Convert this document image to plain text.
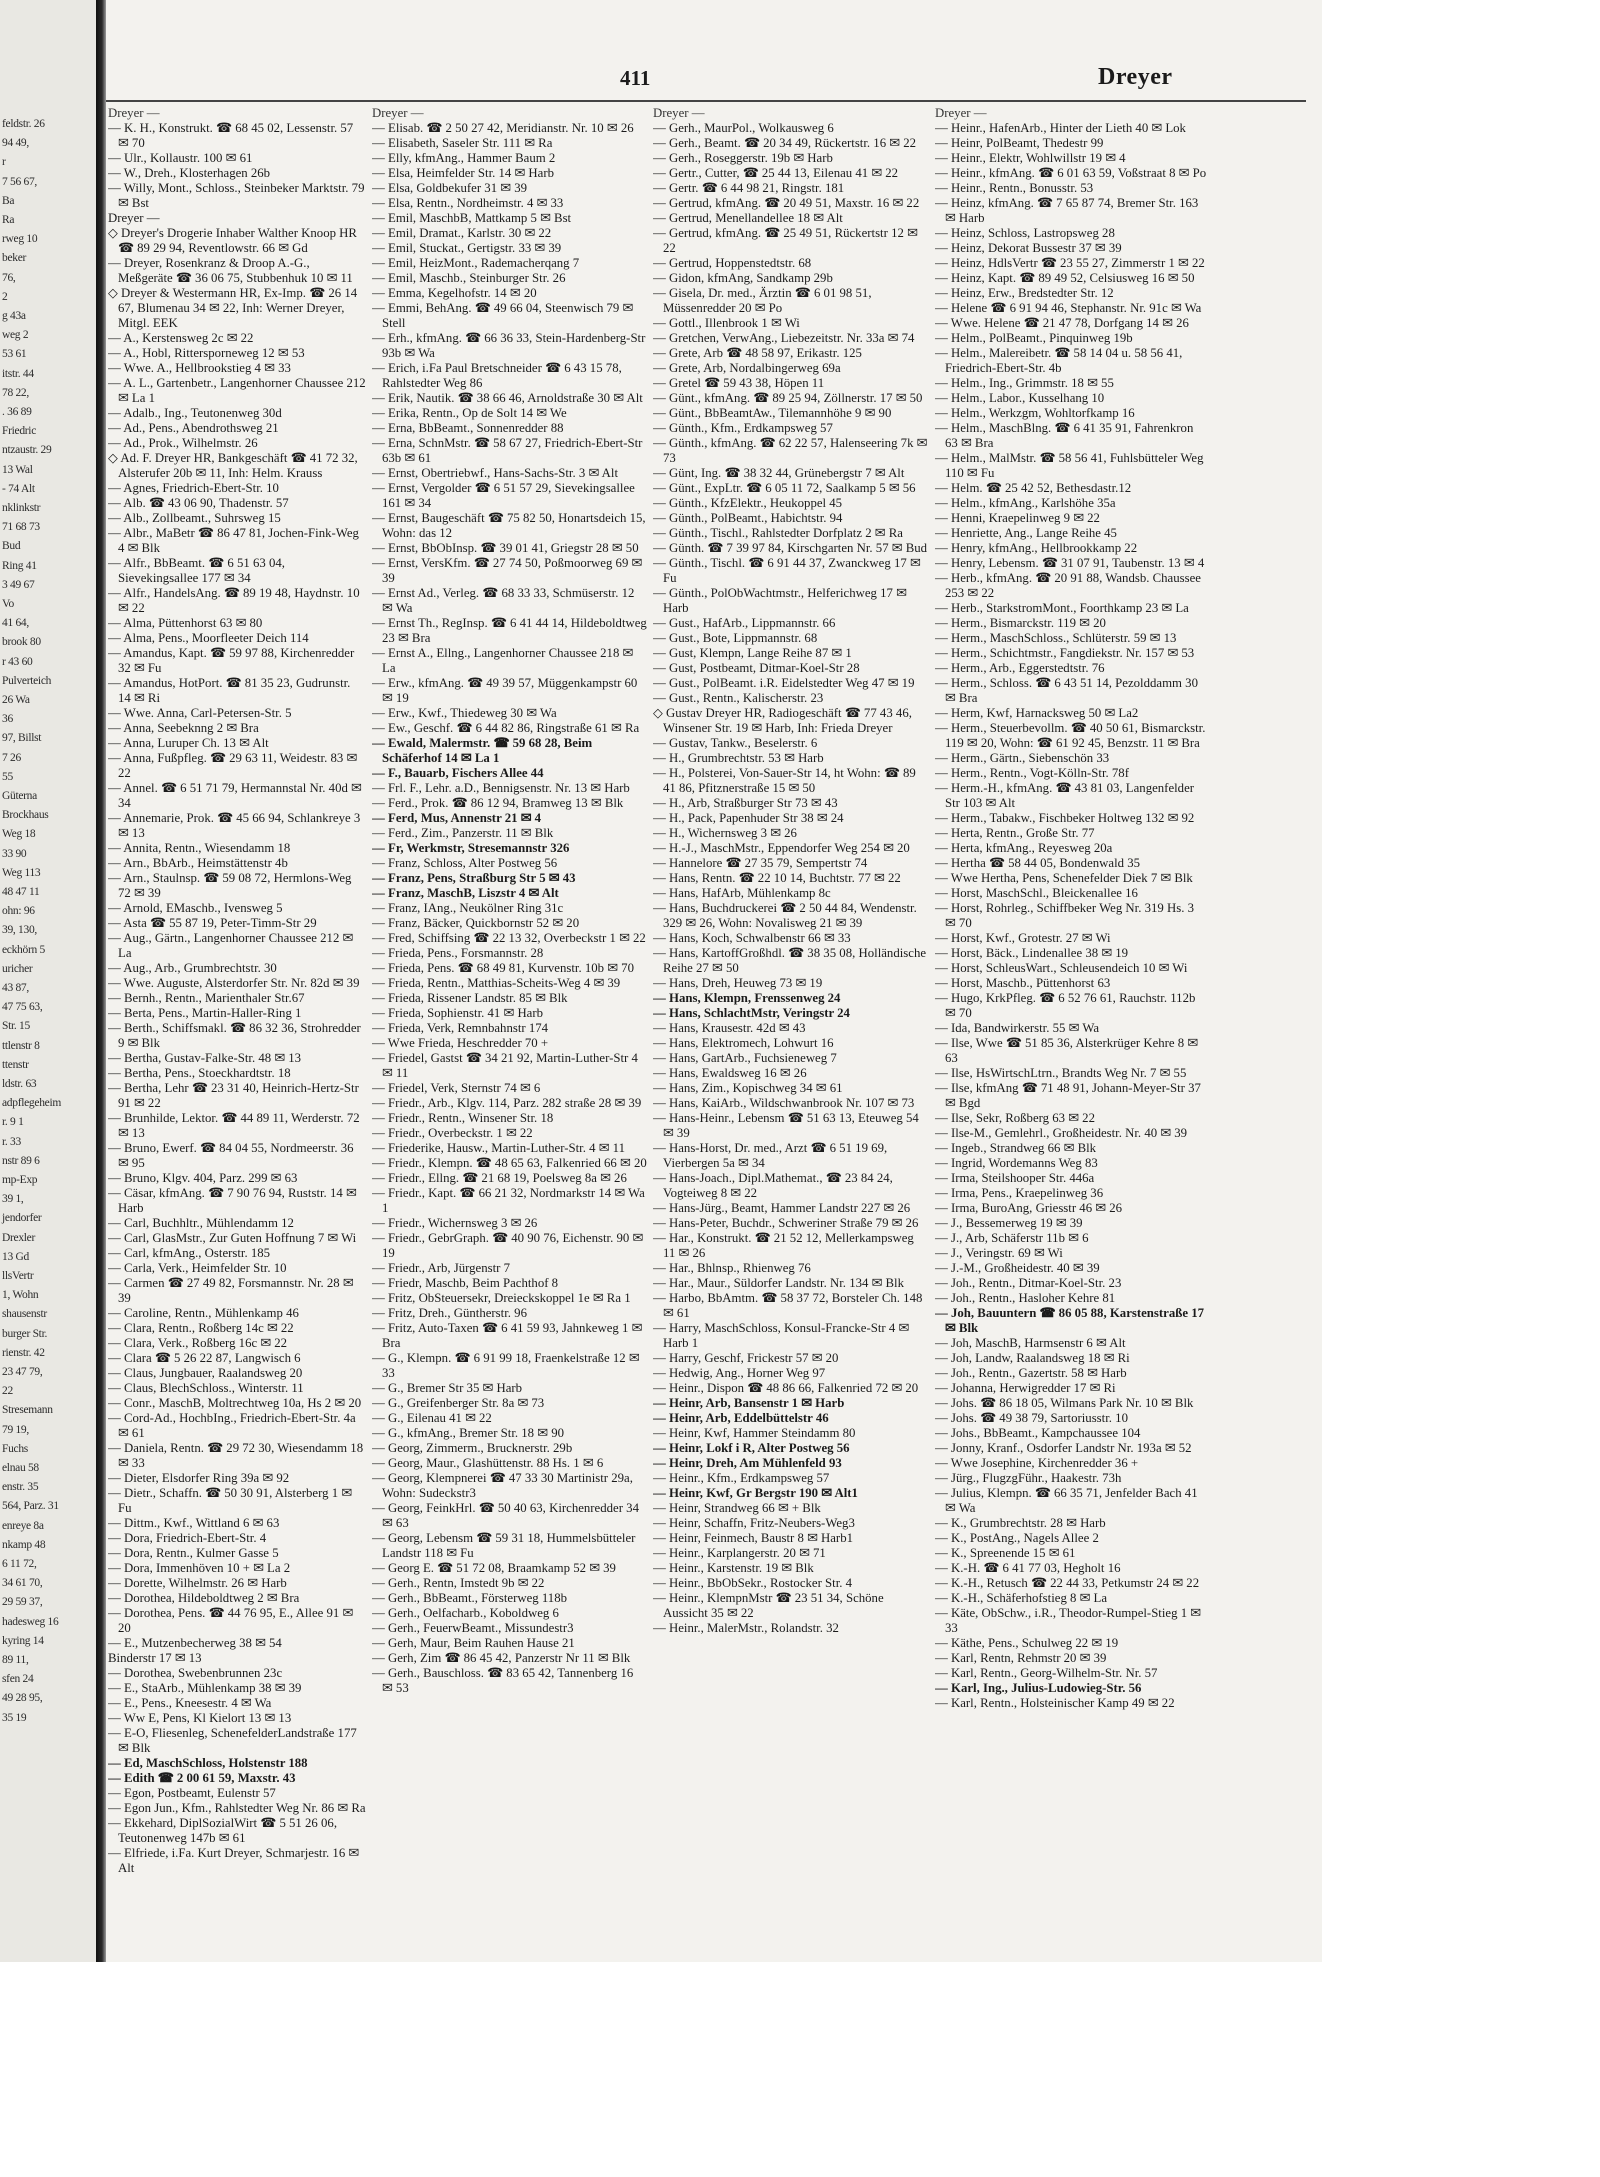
feldstr. 26
94 49,
r
7 56 67,
Ba
Ra
rweg 10
beker
76,
2
g 43a
weg 2
53 61
itstr. 44
78 22,
. 36 89
Friedric
ntzaustr. 29
13 Wal
- 74 Alt
nklinkstr
71 68 73
Bud
Ring 41
3 49 67
Vo
41 64,
brook 80
r 43 60
Pulverteich
26 Wa
36
97, Billst
7 26
55
Güterna
Brockhaus
Weg 18
33 90
Weg 113
48 47 11
ohn: 96
39, 130,
eckhörn 5
uricher
43 87,
47 75 63,
Str. 15
ttlenstr 8
ttenstr
ldstr. 63
adpflegeheim
r. 9 1
r. 33
nstr 89 6
mp-Exp
39 1,
jendorfer
Drexler
13 Gd
llsVertr
1, Wohn
shausenstr
burger Str.
rienstr. 42
23 47 79,
22
Stresemann
79 19,
Fuchs
elnau 58
enstr. 35
564, Parz. 31
enreye 8a
nkamp 48
6 11 72,
34 61 70,
29 59 37,
hadesweg 16
kyring 14
89 11,
sfen 24
49 28 95,
35 19
411	Dreyer
Dreyer —
— K. H., Konstrukt. ☎ 68 45 02, Lessenstr. 57 ✉ 70
— Ulr., Kollaustr. 100 ✉ 61
— W., Dreh., Klosterhagen 26b
— Willy, Mont., Schloss., Steinbeker Marktstr. 79 ✉ Bst
Dreyer —
◇ Dreyer's Drogerie Inhaber Walther Knoop HR ☎ 89 29 94, Reventlowstr. 66 ✉ Gd
— Dreyer, Rosenkranz & Droop A.-G., Meßgeräte ☎ 36 06 75, Stubbenhuk 10 ✉ 11
◇ Dreyer & Westermann HR, Ex-Imp. ☎ 26 14 67, Blumenau 34 ✉ 22, Inh: Werner Dreyer, Mitgl. EEK
— A., Kerstensweg 2c ✉ 22
— A., Hobl, Rittersporneweg 12 ✉ 53
— Wwe. A., Hellbrookstieg 4 ✉ 33
— A. L., Gartenbetr., Langenhorner Chaussee 212 ✉ La 1
— Adalb., Ing., Teutonenweg 30d
— Ad., Pens., Abendrothsweg 21
— Ad., Prok., Wilhelmstr. 26
◇ Ad. F. Dreyer HR, Bankgeschäft ☎ 41 72 32, Alsterufer 20b ✉ 11, Inh: Helm. Krauss
— Agnes, Friedrich-Ebert-Str. 10
— Alb. ☎ 43 06 90, Thadenstr. 57
— Alb., Zollbeamt., Suhrsweg 15
— Albr., MaBetr ☎ 86 47 81, Jochen-Fink-Weg 4 ✉ Blk
— Alfr., BbBeamt. ☎ 6 51 63 04, Sievekingsallee 177 ✉ 34
— Alfr., HandelsAng. ☎ 89 19 48, Haydnstr. 10 ✉ 22
— Alma, Püttenhorst 63 ✉ 80
— Alma, Pens., Moorfleeter Deich 114
— Amandus, Kapt. ☎ 59 97 88, Kirchenredder 32 ✉ Fu
— Amandus, HotPort. ☎ 81 35 23, Gudrunstr. 14 ✉ Ri
— Wwe. Anna, Carl-Petersen-Str. 5
— Anna, Seebeknng 2 ✉ Bra
— Anna, Luruper Ch. 13 ✉ Alt
— Anna, Fußpfleg. ☎ 29 63 11, Weidestr. 83 ✉ 22
— Annel. ☎ 6 51 71 79, Hermannstal Nr. 40d ✉ 34
— Annemarie, Prok. ☎ 45 66 94, Schlankreye 3 ✉ 13
— Annita, Rentn., Wiesendamm 18
— Arn., BbArb., Heimstättenstr 4b
— Arn., Staulnsp. ☎ 59 08 72, Hermlons-Weg 72 ✉ 39
— Arnold, EMaschb., Ivensweg 5
— Asta ☎ 55 87 19, Peter-Timm-Str 29
— Aug., Gärtn., Langenhorner Chaussee 212 ✉ La
— Aug., Arb., Grumbrechtstr. 30
— Wwe. Auguste, Alsterdorfer Str. Nr. 82d ✉ 39
— Bernh., Rentn., Marienthaler Str.67
— Berta, Pens., Martin-Haller-Ring 1
— Berth., Schiffsmakl. ☎ 86 32 36, Strohredder 9 ✉ Blk
— Bertha, Gustav-Falke-Str. 48 ✉ 13
— Bertha, Pens., Stoeckhardtstr. 18
— Bertha, Lehr ☎ 23 31 40, Heinrich-Hertz-Str 91 ✉ 22
— Brunhilde, Lektor. ☎ 44 89 11, Werderstr. 72 ✉ 13
— Bruno, Ewerf. ☎ 84 04 55, Nordmeerstr. 36 ✉ 95
— Bruno, Klgv. 404, Parz. 299 ✉ 63
— Cäsar, kfmAng. ☎ 7 90 76 94, Ruststr. 14 ✉ Harb
— Carl, Buchhltr., Mühlendamm 12
— Carl, GlasMstr., Zur Guten Hoffnung 7 ✉ Wi
— Carl, kfmAng., Osterstr. 185
— Carla, Verk., Heimfelder Str. 10
— Carmen ☎ 27 49 82, Forsmannstr. Nr. 28 ✉ 39
— Caroline, Rentn., Mühlenkamp 46
— Clara, Rentn., Roßberg 14c ✉ 22
— Clara, Verk., Roßberg 16c ✉ 22
— Clara ☎ 5 26 22 87, Langwisch 6
— Claus, Jungbauer, Raalandsweg 20
— Claus, BlechSchloss., Winterstr. 11
— Conr., MaschB, Moltrechtweg 10a, Hs 2 ✉ 20
— Cord-Ad., HochbIng., Friedrich-Ebert-Str. 4a ✉ 61
— Daniela, Rentn. ☎ 29 72 30, Wiesendamm 18 ✉ 33
— Dieter, Elsdorfer Ring 39a ✉ 92
— Dietr., Schaffn. ☎ 50 30 91, Alsterberg 1 ✉ Fu
— Dittm., Kwf., Wittland 6 ✉ 63
— Dora, Friedrich-Ebert-Str. 4
— Dora, Rentn., Kulmer Gasse 5
— Dora, Immenhöven 10 + ✉ La 2
— Dorette, Wilhelmstr. 26 ✉ Harb
— Dorothea, Hildeboldtweg 2 ✉ Bra
— Dorothea, Pens. ☎ 44 76 95, E., Allee 91 ✉ 20
— E., Mutzenbecherweg 38 ✉ 54
Binderstr 17 ✉ 13
— Dorothea, Swebenbrunnen 23c
— E., StaArb., Mühlenkamp 38 ✉ 39
— E., Pens., Kneesestr. 4 ✉ Wa
— Ww E, Pens, Kl Kielort 13 ✉ 13
— E-O, Fliesenleg, SchenefelderLandstraße 177 ✉ Blk
— Ed, MaschSchloss, Holstenstr 188
— Edith ☎ 2 00 61 59, Maxstr. 43
— Egon, Postbeamt, Eulenstr 57
— Egon Jun., Kfm., Rahlstedter Weg Nr. 86 ✉ Ra
— Ekkehard, DiplSozialWirt ☎ 5 51 26 06, Teutonenweg 147b ✉ 61
— Elfriede, i.Fa. Kurt Dreyer, Schmarjestr. 16 ✉ Alt
Dreyer —
— Elisab. ☎ 2 50 27 42, Meridianstr. Nr. 10 ✉ 26
— Elisabeth, Saseler Str. 111 ✉ Ra
— Elly, kfmAng., Hammer Baum 2
— Elsa, Heimfelder Str. 14 ✉ Harb
— Elsa, Goldbekufer 31 ✉ 39
— Elsa, Rentn., Nordheimstr. 4 ✉ 33
— Emil, MaschbB, Mattkamp 5 ✉ Bst
— Emil, Dramat., Karlstr. 30 ✉ 22
— Emil, Stuckat., Gertigstr. 33 ✉ 39
— Emil, HeizMont., Rademacherqang 7
— Emil, Maschb., Steinburger Str. 26
— Emma, Kegelhofstr. 14 ✉ 20
— Emmi, BehAng. ☎ 49 66 04, Steenwisch 79 ✉ Stell
— Erh., kfmAng. ☎ 66 36 33, Stein-Hardenberg-Str 93b ✉ Wa
— Erich, i.Fa Paul Bretschneider ☎ 6 43 15 78, Rahlstedter Weg 86
— Erik, Nautik. ☎ 38 66 46, Arnoldstraße 30 ✉ Alt
— Erika, Rentn., Op de Solt 14 ✉ We
— Erna, BbBeamt., Sonnenredder 88
— Erna, SchnMstr. ☎ 58 67 27, Friedrich-Ebert-Str 63b ✉ 61
— Ernst, Obertriebwf., Hans-Sachs-Str. 3 ✉ Alt
— Ernst, Vergolder ☎ 6 51 57 29, Sievekingsallee 161 ✉ 34
— Ernst, Baugeschäft ☎ 75 82 50, Honartsdeich 15, Wohn: das 12
— Ernst, BbObInsp. ☎ 39 01 41, Griegstr 28 ✉ 50
— Ernst, VersKfm. ☎ 27 74 50, Poßmoorweg 69 ✉ 39
— Ernst Ad., Verleg. ☎ 68 33 33, Schmüserstr. 12 ✉ Wa
— Ernst Th., RegInsp. ☎ 6 41 44 14, Hildeboldtweg 23 ✉ Bra
— Ernst A., Ellng., Langenhorner Chaussee 218 ✉ La
— Erw., kfmAng. ☎ 49 39 57, Müggenkampstr 60 ✉ 19
— Erw., Kwf., Thiedeweg 30 ✉ Wa
— Ew., Geschf. ☎ 6 44 82 86, Ringstraße 61 ✉ Ra
— Ewald, Malermstr. ☎ 59 68 28, Beim Schäferhof 14 ✉ La 1
— F., Bauarb, Fischers Allee 44
— Frl. F., Lehr. a.D., Bennigsenstr. Nr. 13 ✉ Harb
— Ferd., Prok. ☎ 86 12 94, Bramweg 13 ✉ Blk
— Ferd, Mus, Annenstr 21 ✉ 4
— Ferd., Zim., Panzerstr. 11 ✉ Blk
— Fr, Werkmstr, Stresemannstr 326
— Franz, Schloss, Alter Postweg 56
— Franz, Pens, Straßburg Str 5 ✉ 43
— Franz, MaschB, Liszstr 4 ✉ Alt
— Franz, IAng., Neukölner Ring 31c
— Franz, Bäcker, Quickbornstr 52 ✉ 20
— Fred, Schiffsing ☎ 22 13 32, Overbeckstr 1 ✉ 22
— Frieda, Pens., Forsmannstr. 28
— Frieda, Pens. ☎ 68 49 81, Kurvenstr. 10b ✉ 70
— Frieda, Rentn., Matthias-Scheits-Weg 4 ✉ 39
— Frieda, Rissener Landstr. 85 ✉ Blk
— Frieda, Sophienstr. 41 ✉ Harb
— Frieda, Verk, Remnbahnstr 174
— Wwe Frieda, Heschredder 70 +
— Friedel, Gastst ☎ 34 21 92, Martin-Luther-Str 4 ✉ 11
— Friedel, Verk, Sternstr 74 ✉ 6
— Friedr., Arb., Klgv. 114, Parz. 282 straße 28 ✉ 39
— Friedr., Rentn., Winsener Str. 18
— Friedr., Overbeckstr. 1 ✉ 22
— Friederike, Hausw., Martin-Luther-Str. 4 ✉ 11
— Friedr., Klempn. ☎ 48 65 63, Falkenried 66 ✉ 20
— Friedr., Ellng. ☎ 21 68 19, Poelsweg 8a ✉ 26
— Friedr., Kapt. ☎ 66 21 32, Nordmarkstr 14 ✉ Wa 1
— Friedr., Wichernsweg 3 ✉ 26
— Friedr., GebrGraph. ☎ 40 90 76, Eichenstr. 90 ✉ 19
— Friedr., Arb, Jürgenstr 7
— Friedr, Maschb, Beim Pachthof 8
— Fritz, ObSteuersekr, Dreieckskoppel 1e ✉ Ra 1
— Fritz, Dreh., Güntherstr. 96
— Fritz, Auto-Taxen ☎ 6 41 59 93, Jahnkeweg 1 ✉ Bra
— G., Klempn. ☎ 6 91 99 18, Fraenkelstraße 12 ✉ 33
— G., Bremer Str 35 ✉ Harb
— G., Greifenberger Str. 8a ✉ 73
— G., Eilenau 41 ✉ 22
— G., kfmAng., Bremer Str. 18 ✉ 90
— Georg, Zimmerm., Brucknerstr. 29b
— Georg, Maur., Glashüttenstr. 88 Hs. 1 ✉ 6
— Georg, Klempnerei ☎ 47 33 30 Martinistr 29a, Wohn: Sudeckstr3
— Georg, FeinkHrl. ☎ 50 40 63, Kirchenredder 34 ✉ 63
— Georg, Lebensm ☎ 59 31 18, Hummelsbütteler Landstr 118 ✉ Fu
— Georg E. ☎ 51 72 08, Braamkamp 52 ✉ 39
— Gerh., Rentn, Imstedt 9b ✉ 22
— Gerh., BbBeamt., Försterweg 118b
— Gerh., Oelfacharb., Koboldweg 6
— Gerh., FeuerwBeamt., Missundestr3
— Gerh, Maur, Beim Rauhen Hause 21
— Gerh, Zim ☎ 86 45 42, Panzerstr Nr 11 ✉ Blk
— Gerh., Bauschloss. ☎ 83 65 42, Tannenberg 16 ✉ 53
Dreyer —
— Gerh., MaurPol., Wolkausweg 6
— Gerh., Beamt. ☎ 20 34 49, Rückertstr. 16 ✉ 22
— Gerh., Roseggerstr. 19b ✉ Harb
— Gertr., Cutter, ☎ 25 44 13, Eilenau 41 ✉ 22
— Gertr. ☎ 6 44 98 21, Ringstr. 181
— Gertrud, kfmAng. ☎ 20 49 51, Maxstr. 16 ✉ 22
— Gertrud, Menellandellee 18 ✉ Alt
— Gertrud, kfmAng. ☎ 25 49 51, Rückertstr 12 ✉ 22
— Gertrud, Hoppenstedtstr. 68
— Gidon, kfmAng, Sandkamp 29b
— Gisela, Dr. med., Ärztin ☎ 6 01 98 51, Müssenredder 20 ✉ Po
— Gottl., Illenbrook 1 ✉ Wi
— Gretchen, VerwAng., Liebezeitstr. Nr. 33a ✉ 74
— Grete, Arb ☎ 48 58 97, Erikastr. 125
— Grete, Arb, Nordalbingerweg 69a
— Gretel ☎ 59 43 38, Höpen 11
— Günt., kfmAng. ☎ 89 25 94, Zöllnerstr. 17 ✉ 50
— Günt., BbBeamtAw., Tilemannhöhe 9 ✉ 90
— Günth., Kfm., Erdkampsweg 57
— Günth., kfmAng. ☎ 62 22 57, Halenseering 7k ✉ 73
— Günt, Ing. ☎ 38 32 44, Grünebergstr 7 ✉ Alt
— Günt., ExpLtr. ☎ 6 05 11 72, Saalkamp 5 ✉ 56
— Günth., KfzElektr., Heukoppel 45
— Günth., PolBeamt., Habichtstr. 94
— Günth., Tischl., Rahlstedter Dorfplatz 2 ✉ Ra
— Günth. ☎ 7 39 97 84, Kirschgarten Nr. 57 ✉ Bud
— Günth., Tischl. ☎ 6 91 44 37, Zwanckweg 17 ✉ Fu
— Günth., PolObWachtmstr., Helferichweg 17 ✉ Harb
— Gust., HafArb., Lippmannstr. 66
— Gust., Bote, Lippmannstr. 68
— Gust, Klempn, Lange Reihe 87 ✉ 1
— Gust, Postbeamt, Ditmar-Koel-Str 28
— Gust., PolBeamt. i.R. Eidelstedter Weg 47 ✉ 19
— Gust., Rentn., Kalischerstr. 23
◇ Gustav Dreyer HR, Radiogeschäft ☎ 77 43 46, Winsener Str. 19 ✉ Harb, Inh: Frieda Dreyer
— Gustav, Tankw., Beselerstr. 6
— H., Grumbrechtstr. 53 ✉ Harb
— H., Polsterei, Von-Sauer-Str 14, ht Wohn: ☎ 89 41 86, Pfitznerstraße 15 ✉ 50
— H., Arb, Straßburger Str 73 ✉ 43
— H., Pack, Papenhuder Str 38 ✉ 24
— H., Wichernsweg 3 ✉ 26
— H.-J., MaschMstr., Eppendorfer Weg 254 ✉ 20
— Hannelore ☎ 27 35 79, Sempertstr 74
— Hans, Rentn. ☎ 22 10 14, Buchtstr. 77 ✉ 22
— Hans, HafArb, Mühlenkamp 8c
— Hans, Buchdruckerei ☎ 2 50 44 84, Wendenstr. 329 ✉ 26, Wohn: Novalisweg 21 ✉ 39
— Hans, Koch, Schwalbenstr 66 ✉ 33
— Hans, KartoffGroßhdl. ☎ 38 35 08, Holländische Reihe 27 ✉ 50
— Hans, Dreh, Heuweg 73 ✉ 19
— Hans, Klempn, Frenssenweg 24
— Hans, SchlachtMstr, Veringstr 24
— Hans, Krausestr. 42d ✉ 43
— Hans, Elektromech, Lohwurt 16
— Hans, GartArb., Fuchsieneweg 7
— Hans, Ewaldsweg 16 ✉ 26
— Hans, Zim., Kopischweg 34 ✉ 61
— Hans, KaiArb., Wildschwanbrook Nr. 107 ✉ 73
— Hans-Heinr., Lebensm ☎ 51 63 13, Eteuweg 54 ✉ 39
— Hans-Horst, Dr. med., Arzt ☎ 6 51 19 69, Vierbergen 5a ✉ 34
— Hans-Joach., Dipl.Mathemat., ☎ 23 84 24, Vogteiweg 8 ✉ 22
— Hans-Jürg., Beamt, Hammer Landstr 227 ✉ 26
— Hans-Peter, Buchdr., Schweriner Straße 79 ✉ 26
— Har., Konstrukt. ☎ 21 52 12, Mellerkampsweg 11 ✉ 26
— Har., Bhlnsp., Rhienweg 76
— Har., Maur., Süldorfer Landstr. Nr. 134 ✉ Blk
— Harbo, BbAmtm. ☎ 58 37 72, Borsteler Ch. 148 ✉ 61
— Harry, MaschSchloss, Konsul-Francke-Str 4 ✉ Harb 1
— Harry, Geschf, Frickestr 57 ✉ 20
— Hedwig, Ang., Horner Weg 97
— Heinr., Dispon ☎ 48 86 66, Falkenried 72 ✉ 20
— Heinr, Arb, Bansenstr 1 ✉ Harb
— Heinr, Arb, Eddelbüttelstr 46
— Heinr, Kwf, Hammer Steindamm 80
— Heinr, Lokf i R, Alter Postweg 56
— Heinr, Dreh, Am Mühlenfeld 93
— Heinr., Kfm., Erdkampsweg 57
— Heinr, Kwf, Gr Bergstr 190 ✉ Alt1
— Heinr, Strandweg 66 ✉ + Blk
— Heinr, Schaffn, Fritz-Neubers-Weg3
— Heinr, Feinmech, Baustr 8 ✉ Harb1
— Heinr., Karplangerstr. 20 ✉ 71
— Heinr., Karstenstr. 19 ✉ Blk
— Heinr., BbObSekr., Rostocker Str. 4
— Heinr., KlempnMstr ☎ 23 51 34, Schöne Aussicht 35 ✉ 22
— Heinr., MalerMstr., Rolandstr. 32
Dreyer —
— Heinr., HafenArb., Hinter der Lieth 40 ✉ Lok
— Heinr, PolBeamt, Thedestr 99
— Heinr., Elektr, Wohlwillstr 19 ✉ 4
— Heinr., kfmAng. ☎ 6 01 63 59, Voßstraat 8 ✉ Po
— Heinr., Rentn., Bonusstr. 53
— Heinz, kfmAng. ☎ 7 65 87 74, Bremer Str. 163 ✉ Harb
— Heinz, Schloss, Lastropsweg 28
— Heinz, Dekorat Bussestr 37 ✉ 39
— Heinz, HdlsVertr ☎ 23 55 27, Zimmerstr 1 ✉ 22
— Heinz, Kapt. ☎ 89 49 52, Celsiusweg 16 ✉ 50
— Heinz, Erw., Bredstedter Str. 12
— Helene ☎ 6 91 94 46, Stephanstr. Nr. 91c ✉ Wa
— Wwe. Helene ☎ 21 47 78, Dorfgang 14 ✉ 26
— Helm., PolBeamt., Pinquinweg 19b
— Helm., Malereibetr. ☎ 58 14 04 u. 58 56 41, Friedrich-Ebert-Str. 4b
— Helm., Ing., Grimmstr. 18 ✉ 55
— Helm., Labor., Kusselhang 10
— Helm., Werkzgm, Wohltorfkamp 16
— Helm., MaschBlng. ☎ 6 41 35 91, Fahrenkron 63 ✉ Bra
— Helm., MalMstr. ☎ 58 56 41, Fuhlsbütteler Weg 110 ✉ Fu
— Helm. ☎ 25 42 52, Bethesdastr.12
— Helm., kfmAng., Karlshöhe 35a
— Henni, Kraepelinweg 9 ✉ 22
— Henriette, Ang., Lange Reihe 45
— Henry, kfmAng., Hellbrookkamp 22
— Henry, Lebensm. ☎ 31 07 91, Taubenstr. 13 ✉ 4
— Herb., kfmAng. ☎ 20 91 88, Wandsb. Chaussee 253 ✉ 22
— Herb., StarkstromMont., Foorthkamp 23 ✉ La
— Herm., Bismarckstr. 119 ✉ 20
— Herm., MaschSchloss., Schlüterstr. 59 ✉ 13
— Herm., Schichtmstr., Fangdiekstr. Nr. 157 ✉ 53
— Herm., Arb., Eggerstedtstr. 76
— Herm., Schloss. ☎ 6 43 51 14, Pezolddamm 30 ✉ Bra
— Herm, Kwf, Harnacksweg 50 ✉ La2
— Herm., Steuerbevollm. ☎ 40 50 61, Bismarckstr. 119 ✉ 20, Wohn: ☎ 61 92 45, Benzstr. 11 ✉ Bra
— Herm., Gärtn., Siebenschön 33
— Herm., Rentn., Vogt-Kölln-Str. 78f
— Herm.-H., kfmAng. ☎ 43 81 03, Langenfelder Str 103 ✉ Alt
— Herm., Tabakw., Fischbeker Holtweg 132 ✉ 92
— Herta, Rentn., Große Str. 77
— Herta, kfmAng., Reyesweg 20a
— Hertha ☎ 58 44 05, Bondenwald 35
— Wwe Hertha, Pens, Schenefelder Diek 7 ✉ Blk
— Horst, MaschSchl., Bleickenallee 16
— Horst, Rohrleg., Schiffbeker Weg Nr. 319 Hs. 3 ✉ 70
— Horst, Kwf., Grotestr. 27 ✉ Wi
— Horst, Bäck., Lindenallee 38 ✉ 19
— Horst, SchleusWart., Schleusendeich 10 ✉ Wi
— Horst, Maschb., Püttenhorst 63
— Hugo, KrkPfleg. ☎ 6 52 76 61, Rauchstr. 112b ✉ 70
— Ida, Bandwirkerstr. 55 ✉ Wa
— Ilse, Wwe ☎ 51 85 36, Alsterkrüger Kehre 8 ✉ 63
— Ilse, HsWirtschLtrn., Brandts Weg Nr. 7 ✉ 55
— Ilse, kfmAng ☎ 71 48 91, Johann-Meyer-Str 37 ✉ Bgd
— Ilse, Sekr, Roßberg 63 ✉ 22
— Ilse-M., Gemlehrl., Großheidestr. Nr. 40 ✉ 39
— Ingeb., Strandweg 66 ✉ Blk
— Ingrid, Wordemanns Weg 83
— Irma, Steilshooper Str. 446a
— Irma, Pens., Kraepelinweg 36
— Irma, BuroAng, Griesstr 46 ✉ 26
— J., Bessemerweg 19 ✉ 39
— J., Arb, Schäferstr 11b ✉ 6
— J., Veringstr. 69 ✉ Wi
— J.-M., Großheidestr. 40 ✉ 39
— Joh., Rentn., Ditmar-Koel-Str. 23
— Joh., Rentn., Hasloher Kehre 81
— Joh, Bauuntern ☎ 86 05 88, Karstenstraße 17 ✉ Blk
— Joh, MaschB, Harmsenstr 6 ✉ Alt
— Joh, Landw, Raalandsweg 18 ✉ Ri
— Joh., Rentn., Gazertstr. 58 ✉ Harb
— Johanna, Herwigredder 17 ✉ Ri
— Johs. ☎ 86 18 05, Wilmans Park Nr. 10 ✉ Blk
— Johs. ☎ 49 38 79, Sartoriusstr. 10
— Johs., BbBeamt., Kampchaussee 104
— Jonny, Kranf., Osdorfer Landstr Nr. 193a ✉ 52
— Wwe Josephine, Kirchenredder 36 +
— Jürg., FlugzgFühr., Haakestr. 73h
— Julius, Klempn. ☎ 66 35 71, Jenfelder Bach 41 ✉ Wa
— K., Grumbrechtstr. 28 ✉ Harb
— K., PostAng., Nagels Allee 2
— K., Spreenende 15 ✉ 61
— K.-H. ☎ 6 41 77 03, Hegholt 16
— K.-H., Retusch ☎ 22 44 33, Petkumstr 24 ✉ 22
— K.-H., Schäferhofstieg 8 ✉ La
— Käte, ObSchw., i.R., Theodor-Rumpel-Stieg 1 ✉ 33
— Käthe, Pens., Schulweg 22 ✉ 19
— Karl, Rentn, Rehmstr 20 ✉ 39
— Karl, Rentn., Georg-Wilhelm-Str. Nr. 57
— Karl, Ing., Julius-Ludowieg-Str. 56
— Karl, Rentn., Holsteinischer Kamp 49 ✉ 22
